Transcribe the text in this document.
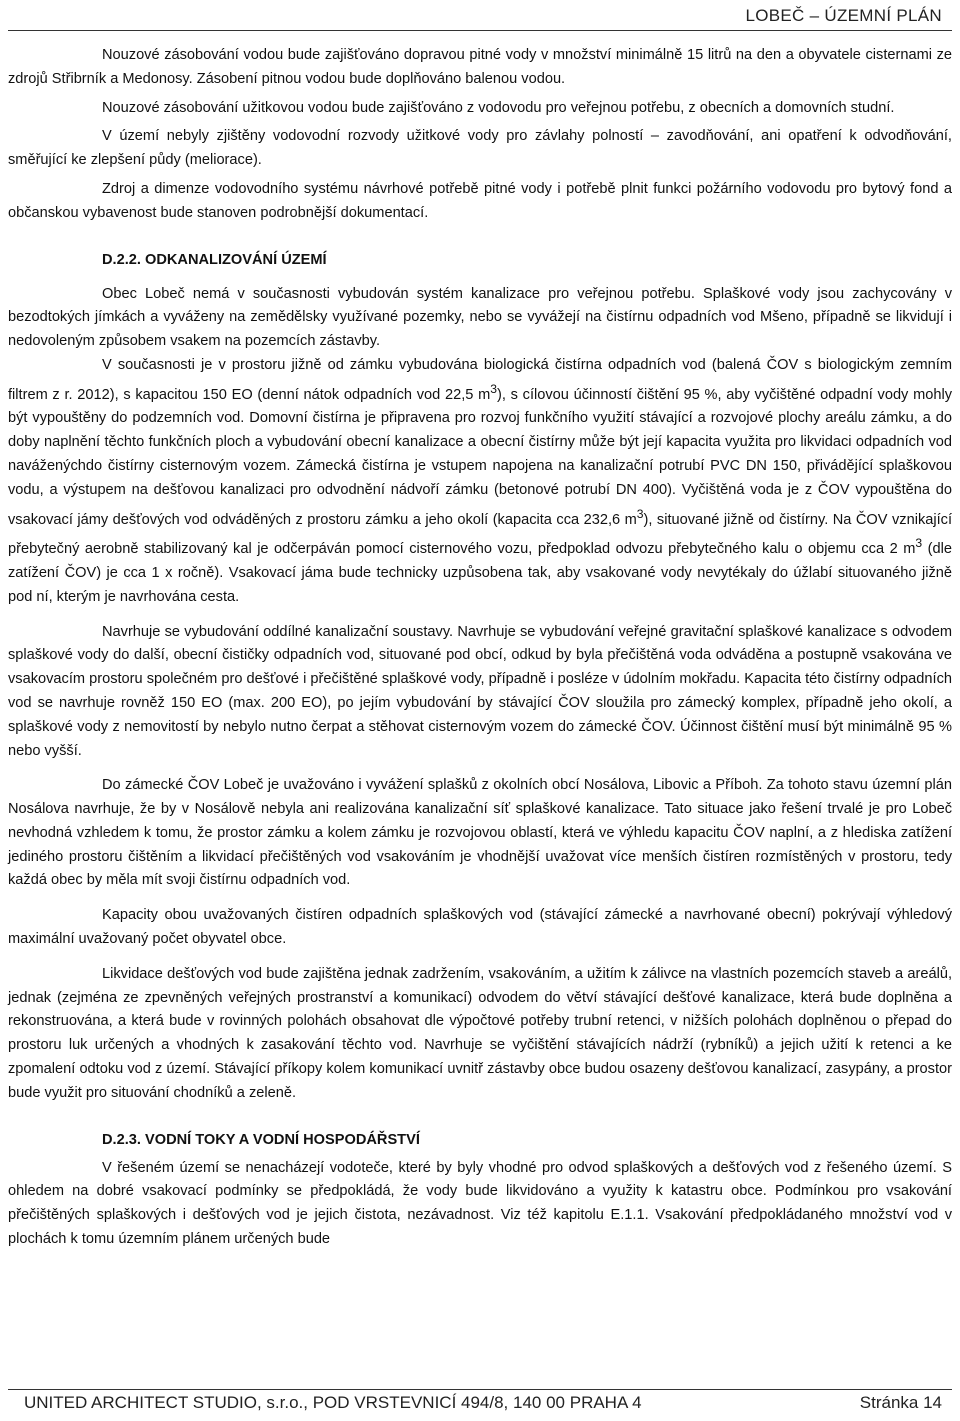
LOBEČ – ÚZEMNÍ PLÁN

Nouzové zásobování vodou bude zajišťováno dopravou pitné vody v množství minimálně 15 litrů na den a obyvatele cisternami ze zdrojů Střibrník a Medonosy. Zásobení pitnou vodou bude doplňováno balenou vodou.

Nouzové zásobování užitkovou vodou bude zajišťováno z vodovodu pro veřejnou potřebu, z obecních a domovních studní.

V území nebyly zjištěny vodovodní rozvody užitkové vody pro závlahy polností – zavodňování, ani opatření k odvodňování, směřující ke zlepšení půdy (meliorace).

Zdroj a dimenze vodovodního systému návrhové potřebě pitné vody i potřebě plnit funkci požárního vodovodu pro bytový fond a občanskou vybavenost bude stanoven podrobnější dokumentací.

D.2.2. ODKANALIZOVÁNÍ ÚZEMÍ

Obec Lobeč nemá v současnosti vybudován systém kanalizace pro veřejnou potřebu. Splaškové vody jsou zachycovány v bezodtokých jímkách a vyváženy na zemědělsky využívané pozemky, nebo se vyvážejí na čistírnu odpadních vod Mšeno, případně se likvidují i nedovoleným způsobem vsakem na pozemcích zástavby.

V současnosti je v prostoru jižně od zámku vybudována biologická čistírna odpadních vod (balená ČOV s biologickým zemním filtrem z r. 2012), s kapacitou 150 EO (denní nátok odpadních vod 22,5 $m^3$), s cílovou účinností čištění 95 %, aby vyčištěné odpadní vody mohly být vypouštěny do podzemních vod. Domovní čistírna je připravena pro rozvoj funkčního využití stávající a rozvojové plochy areálu zámku, a do doby naplnění těchto funkčních ploch a vybudování obecní kanalizace a obecní čistírny může být její kapacita využita pro likvidaci odpadních vod naváženýchdo čistírny cisternovým vozem. Zámecká čistírna je vstupem napojena na kanalizační potrubí PVC DN 150, přivádějící splaškovou vodu, a výstupem na dešťovou kanalizaci pro odvodnění nádvoří zámku (betonové potrubí DN 400). Vyčištěná voda je z ČOV vypouštěna do vsakovací jámy dešťových vod odváděných z prostoru zámku a jeho okolí (kapacita cca 232,6 $m^3$), situované jižně od čistírny. Na ČOV vznikající přebytečný aerobně stabilizovaný kal je odčerpáván pomocí cisternového vozu, předpoklad odvozu přebytečného kalu o objemu cca 2 $m^3$ (dle zatížení ČOV) je cca 1 x ročně). Vsakovací jáma bude technicky uzpůsobena tak, aby vsakované vody nevytékaly do úžlabí situovaného jižně pod ní, kterým je navrhována cesta.

Navrhuje se vybudování oddílné kanalizační soustavy. Navrhuje se vybudování veřejné gravitační splaškové kanalizace s odvodem splaškové vody do další, obecní čističky odpadních vod, situované pod obcí, odkud by byla přečištěná voda odváděna a postupně vsakována ve vsakovacím prostoru společném pro dešťové i přečištěné splaškové vody, případně i posléze v údolním mokřadu. Kapacita této čistírny odpadních vod se navrhuje rovněž 150 EO (max. 200 EO), po jejím vybudování by stávající ČOV sloužila pro zámecký komplex, případně jeho okolí, a splaškové vody z nemovitostí by nebylo nutno čerpat a stěhovat cisternovým vozem do zámecké ČOV. Účinnost čištění musí být minimálně 95 % nebo vyšší.

Do zámecké ČOV Lobeč je uvažováno i vyvážení splašků z okolních obcí Nosálova, Libovic a Příboh. Za tohoto stavu územní plán Nosálova navrhuje, že by v Nosálově nebyla ani realizována kanalizační síť splaškové kanalizace. Tato situace jako řešení trvalé je pro Lobeč nevhodná vzhledem k tomu, že prostor zámku a kolem zámku je rozvojovou oblastí, která ve výhledu kapacitu ČOV naplní, a z hlediska zatížení jediného prostoru čištěním a likvidací přečištěných vod vsakováním je vhodnější uvažovat více menších čistíren rozmístěných v prostoru, tedy každá obec by měla mít svoji čistírnu odpadních vod.

Kapacity obou uvažovaných čistíren odpadních splaškových vod (stávající zámecké a navrhované obecní) pokrývají výhledový maximální uvažovaný počet obyvatel obce.

Likvidace dešťových vod bude zajištěna jednak zadržením, vsakováním, a užitím k zálivce na vlastních pozemcích staveb a areálů, jednak (zejména ze zpevněných veřejných prostranství a komunikací) odvodem do větví stávající dešťové kanalizace, která bude doplněna a rekonstruována, a která bude v rovinných polohách obsahovat dle výpočtové potřeby trubní retenci, v nižších polohách doplněnou o přepad do prostoru luk určených a vhodných k zasakování těchto vod. Navrhuje se vyčištění stávajících nádrží (rybníků) a jejich užití k retenci a ke zpomalení odtoku vod z území. Stávající příkopy kolem komunikací uvnitř zástavby obce budou osazeny dešťovou kanalizací, zasypány, a prostor bude využit pro situování chodníků a zeleně.

D.2.3. VODNÍ TOKY A VODNÍ HOSPODÁŘSTVÍ

V řešeném území se nenacházejí vodoteče, které by byly vhodné pro odvod splaškových a dešťových vod z řešeného území. S ohledem na dobré vsakovací podmínky se předpokládá, že vody bude likvidováno a využity k katastru obce. Podmínkou pro vsakování přečištěných splaškových i dešťových vod je jejich čistota, nezávadnost. Viz též kapitolu E.1.1. Vsakování předpokládaného množství vod v plochách k tomu územním plánem určených bude

UNITED ARCHITECT STUDIO, s.r.o., POD VRSTEVNICÍ 494/8, 140 00 PRAHA 4	Stránka 14
